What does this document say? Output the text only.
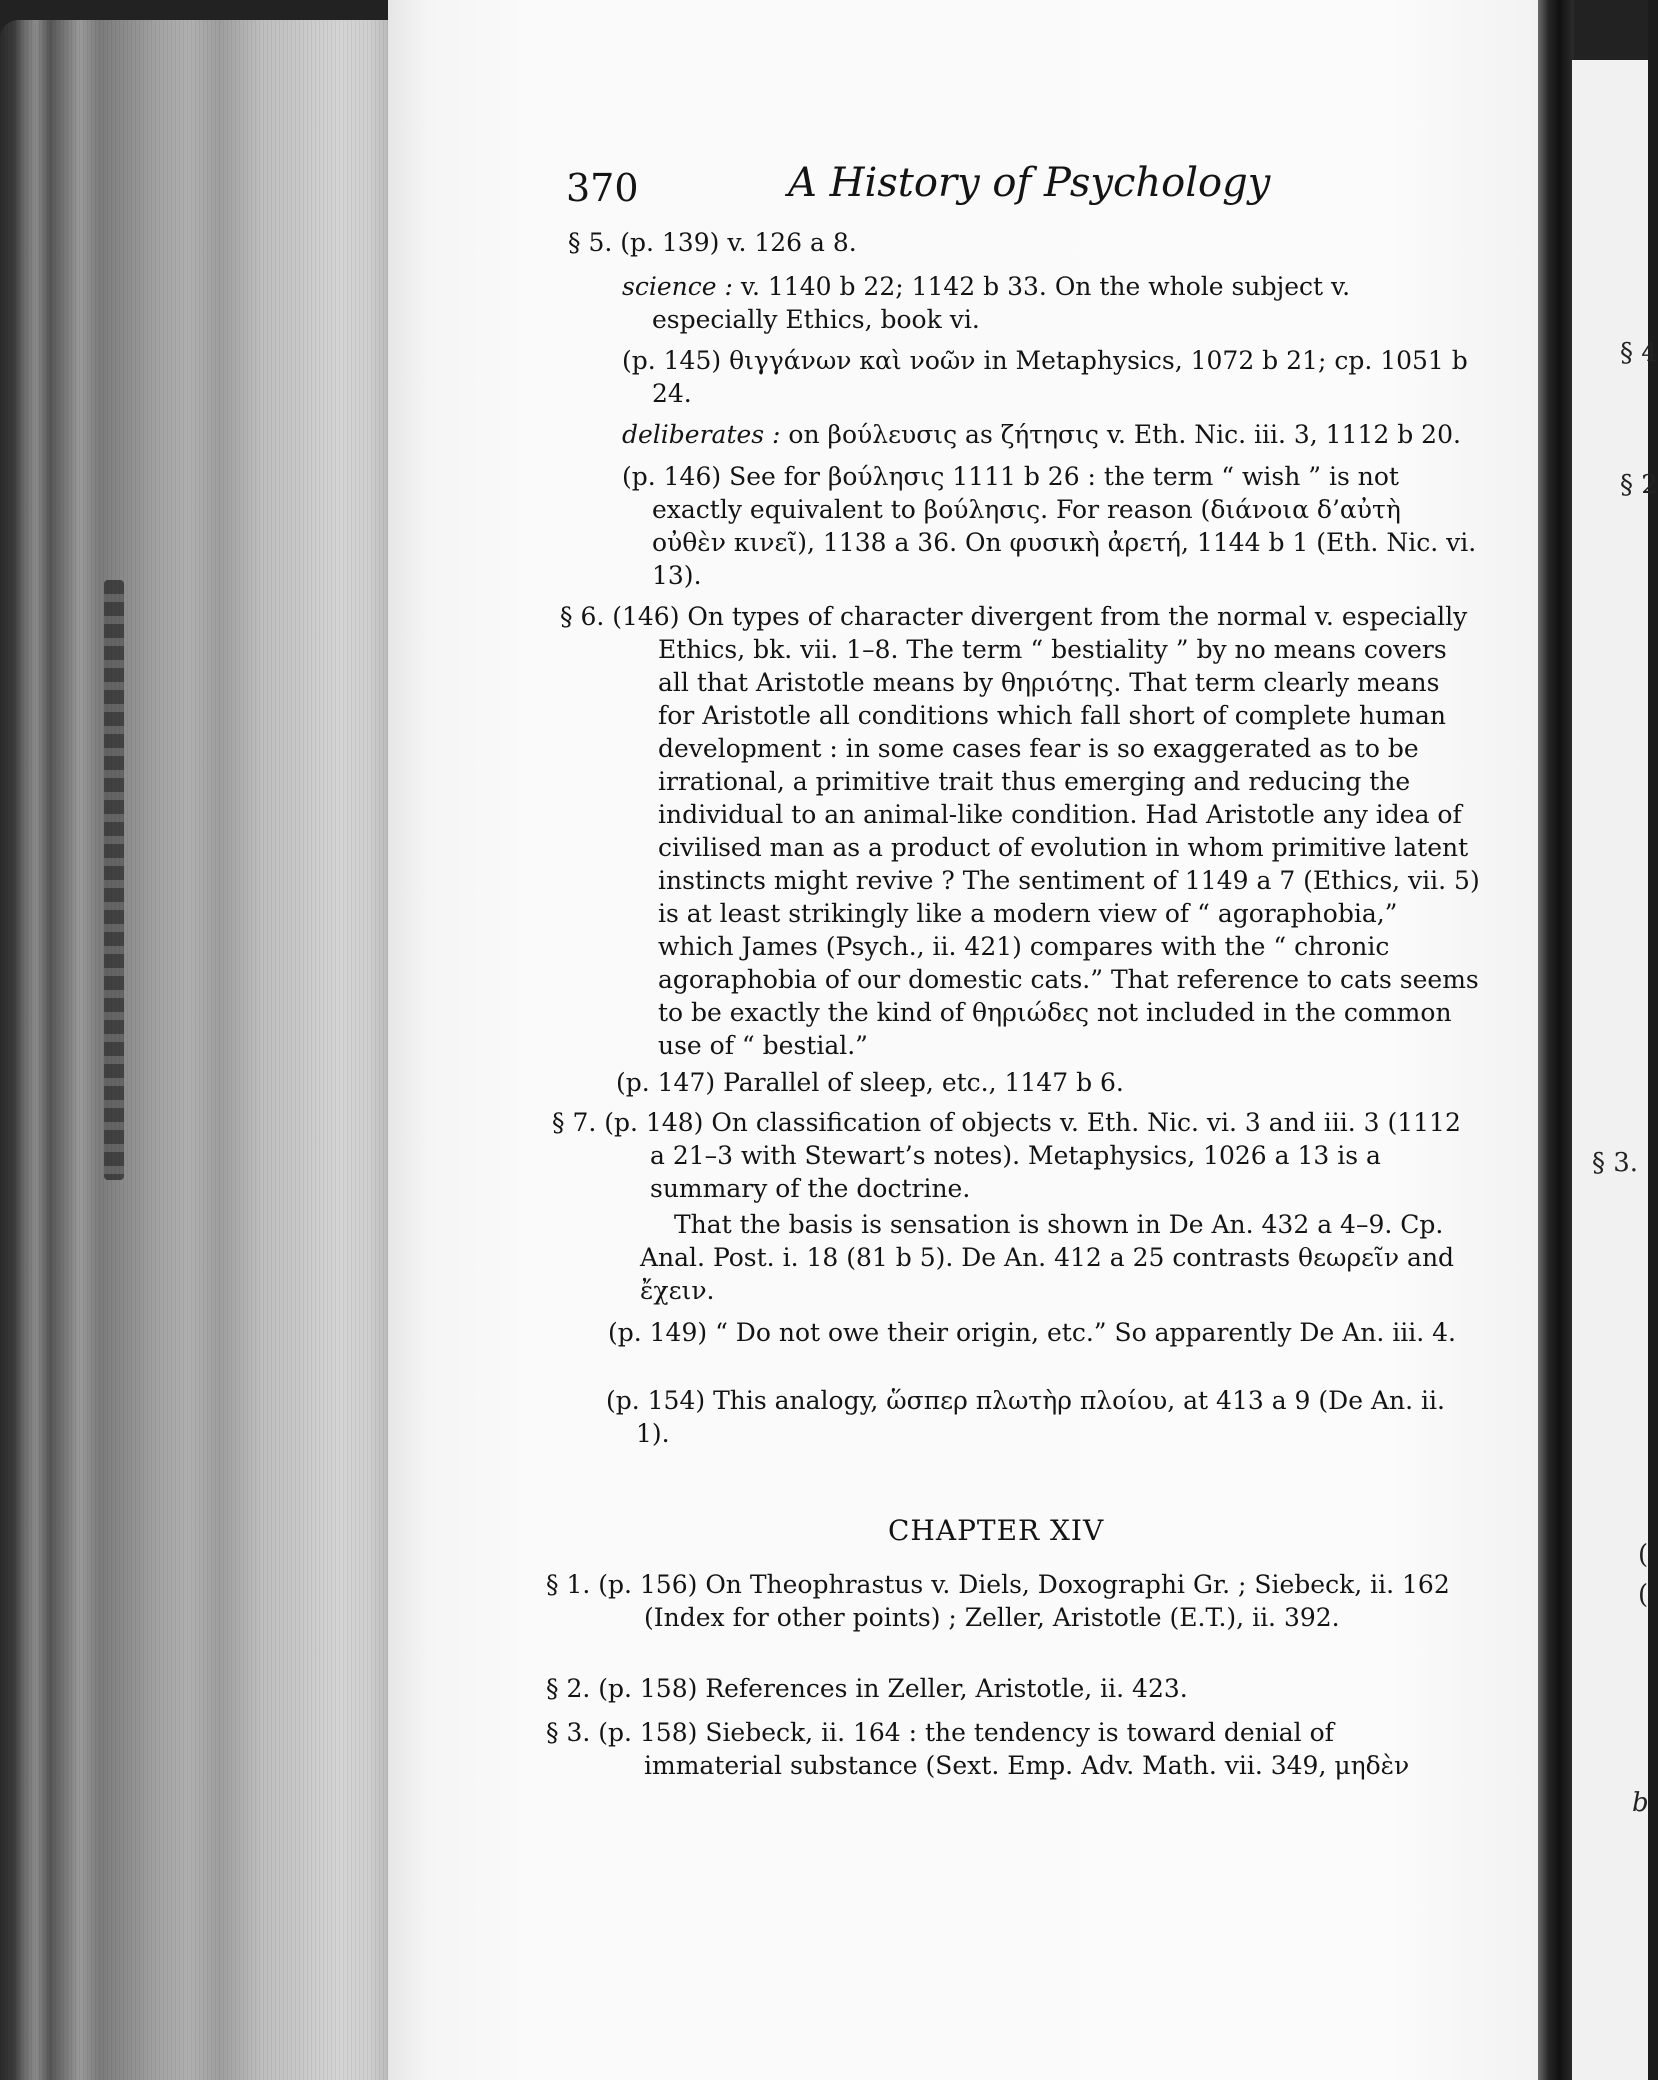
§ 4
§ 2
§ 3.
(
(
b
370	A History of Psychology

§ 5. (p. 139) v. 126 a 8.

science : v. 1140 b 22; 1142 b 33. On the whole subject v. especially Ethics, book vi.

(p. 145) θιγγάνων καὶ νοῶν in Metaphysics, 1072 b 21; cp. 1051 b 24.

deliberates : on βούλευσις as ζήτησις v. Eth. Nic. iii. 3, 1112 b 20.

(p. 146) See for βούλησις 1111 b 26 : the term “ wish ” is not exactly equivalent to βούλησις. For reason (διάνοια δ’αὐτὴ οὐθὲν κινεῖ), 1138 a 36. On φυσικὴ ἀρετή, 1144 b 1 (Eth. Nic. vi. 13).

§ 6. (146) On types of character divergent from the normal v. especially Ethics, bk. vii. 1–8. The term “ bestiality ” by no means covers all that Aristotle means by θηριότης. That term clearly means for Aristotle all conditions which fall short of complete human development : in some cases fear is so exaggerated as to be irrational, a primitive trait thus emerging and reducing the individual to an animal-like condition. Had Aristotle any idea of civilised man as a product of evolution in whom primitive latent instincts might revive ? The sentiment of 1149 a 7 (Ethics, vii. 5) is at least strikingly like a modern view of “ agoraphobia,” which James (Psych., ii. 421) compares with the “ chronic agoraphobia of our domestic cats.” That reference to cats seems to be exactly the kind of θηριώδες not included in the common use of “ bestial.”

(p. 147) Parallel of sleep, etc., 1147 b 6.

§ 7. (p. 148) On classification of objects v. Eth. Nic. vi. 3 and iii. 3 (1112 a 21–3 with Stewart’s notes). Metaphysics, 1026 a 13 is a summary of the doctrine.

That the basis is sensation is shown in De An. 432 a 4–9. Cp. Anal. Post. i. 18 (81 b 5). De An. 412 a 25 contrasts θεωρεῖν and ἔχειν.

(p. 149) “ Do not owe their origin, etc.” So apparently De An. iii. 4.

(p. 154) This analogy, ὥσπερ πλωτὴρ πλοίου, at 413 a 9 (De An. ii. 1).

CHAPTER XIV

§ 1. (p. 156) On Theophrastus v. Diels, Doxographi Gr. ; Siebeck, ii. 162 (Index for other points) ; Zeller, Aristotle (E.T.), ii. 392.

§ 2. (p. 158) References in Zeller, Aristotle, ii. 423.

§ 3. (p. 158) Siebeck, ii. 164 : the tendency is toward denial of immaterial substance (Sext. Emp. Adv. Math. vii. 349, μηδὲν
